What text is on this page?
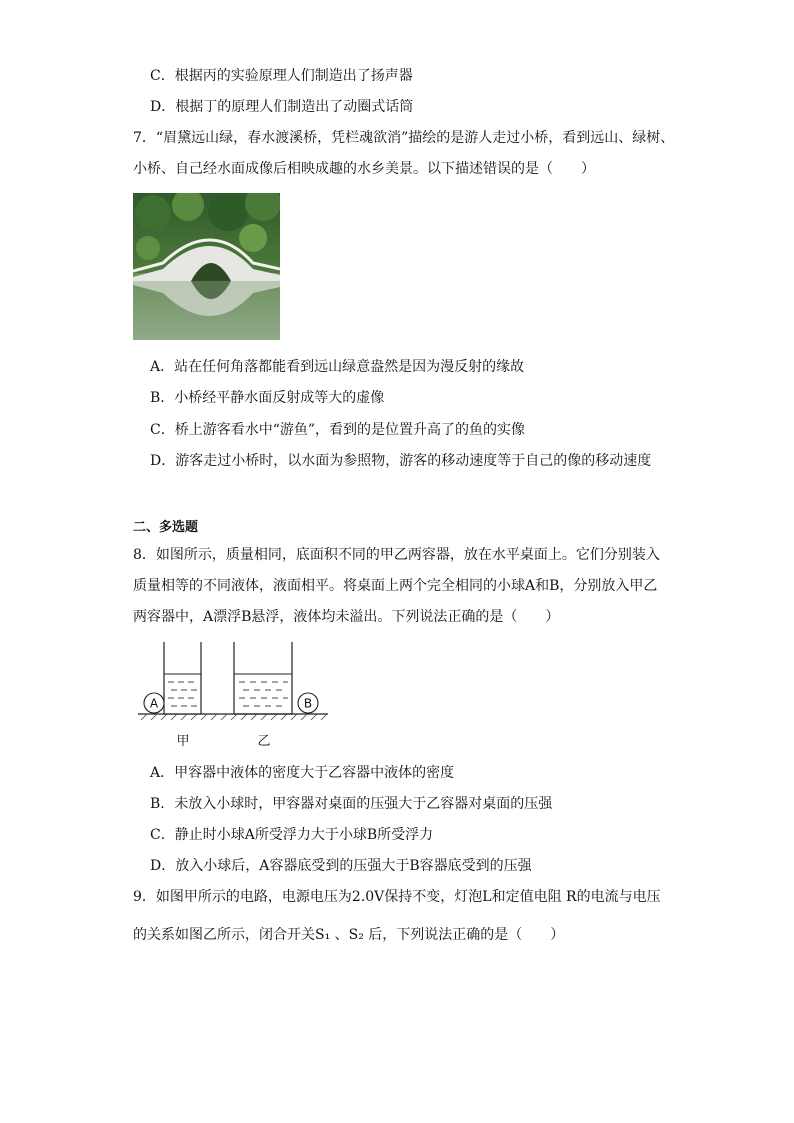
C．根据丙的实验原理人们制造出了扬声器
D．根据丁的原理人们制造出了动圈式话筒
7．“眉黛远山绿，春水渡溪桥，凭栏魂欲消”描绘的是游人走过小桥，看到远山、绿树、
小桥、自己经水面成像后相映成趣的水乡美景。以下描述错误的是（　　）
A．站在任何角落都能看到远山绿意盎然是因为漫反射的缘故
B．小桥经平静水面反射成等大的虚像
C．桥上游客看水中“游鱼”，看到的是位置升高了的鱼的实像
D．游客走过小桥时，以水面为参照物，游客的移动速度等于自己的像的移动速度
二、多选题
8．如图所示，质量相同，底面积不同的甲乙两容器，放在水平桌面上。它们分别装入
质量相等的不同液体，液面相平。将桌面上两个完全相同的小球A和B，分别放入甲乙
两容器中，A漂浮B悬浮，液体均未溢出。下列说法正确的是（　　）
A	B
甲	乙
A．甲容器中液体的密度大于乙容器中液体的密度
B．未放入小球时，甲容器对桌面的压强大于乙容器对桌面的压强
C．静止时小球A所受浮力大于小球B所受浮力
D．放入小球后，A容器底受到的压强大于B容器底受到的压强
9．如图甲所示的电路，电源电压为2.0V保持不变，灯泡L和定值电阻 R的电流与电压
的关系如图乙所示，闭合开关S₁ 、S₂ 后，下列说法正确的是（　　）
